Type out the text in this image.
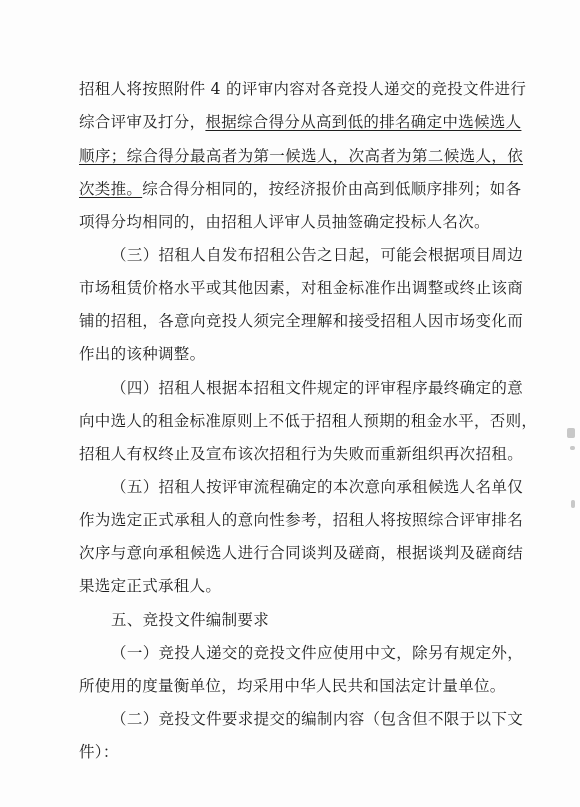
招租人将按照附件 4 的评审内容对各竞投人递交的竞投文件进行
综合评审及打分，根据综合得分从高到低的排名确定中选候选人
顺序；综合得分最高者为第一候选人，次高者为第二候选人，依
次类推。综合得分相同的，按经济报价由高到低顺序排列；如各
项得分均相同的，由招租人评审人员抽签确定投标人名次。
（三）招租人自发布招租公告之日起，可能会根据项目周边
市场租赁价格水平或其他因素，对租金标准作出调整或终止该商
铺的招租，各意向竞投人须完全理解和接受招租人因市场变化而
作出的该种调整。
（四）招租人根据本招租文件规定的评审程序最终确定的意
向中选人的租金标准原则上不低于招租人预期的租金水平，否则，
招租人有权终止及宣布该次招租行为失败而重新组织再次招租。
（五）招租人按评审流程确定的本次意向承租候选人名单仅
作为选定正式承租人的意向性参考，招租人将按照综合评审排名
次序与意向承租候选人进行合同谈判及磋商，根据谈判及磋商结
果选定正式承租人。
五、竞投文件编制要求
（一）竞投人递交的竞投文件应使用中文，除另有规定外，
所使用的度量衡单位，均采用中华人民共和国法定计量单位。
（二）竞投文件要求提交的编制内容（包含但不限于以下文
件）：
